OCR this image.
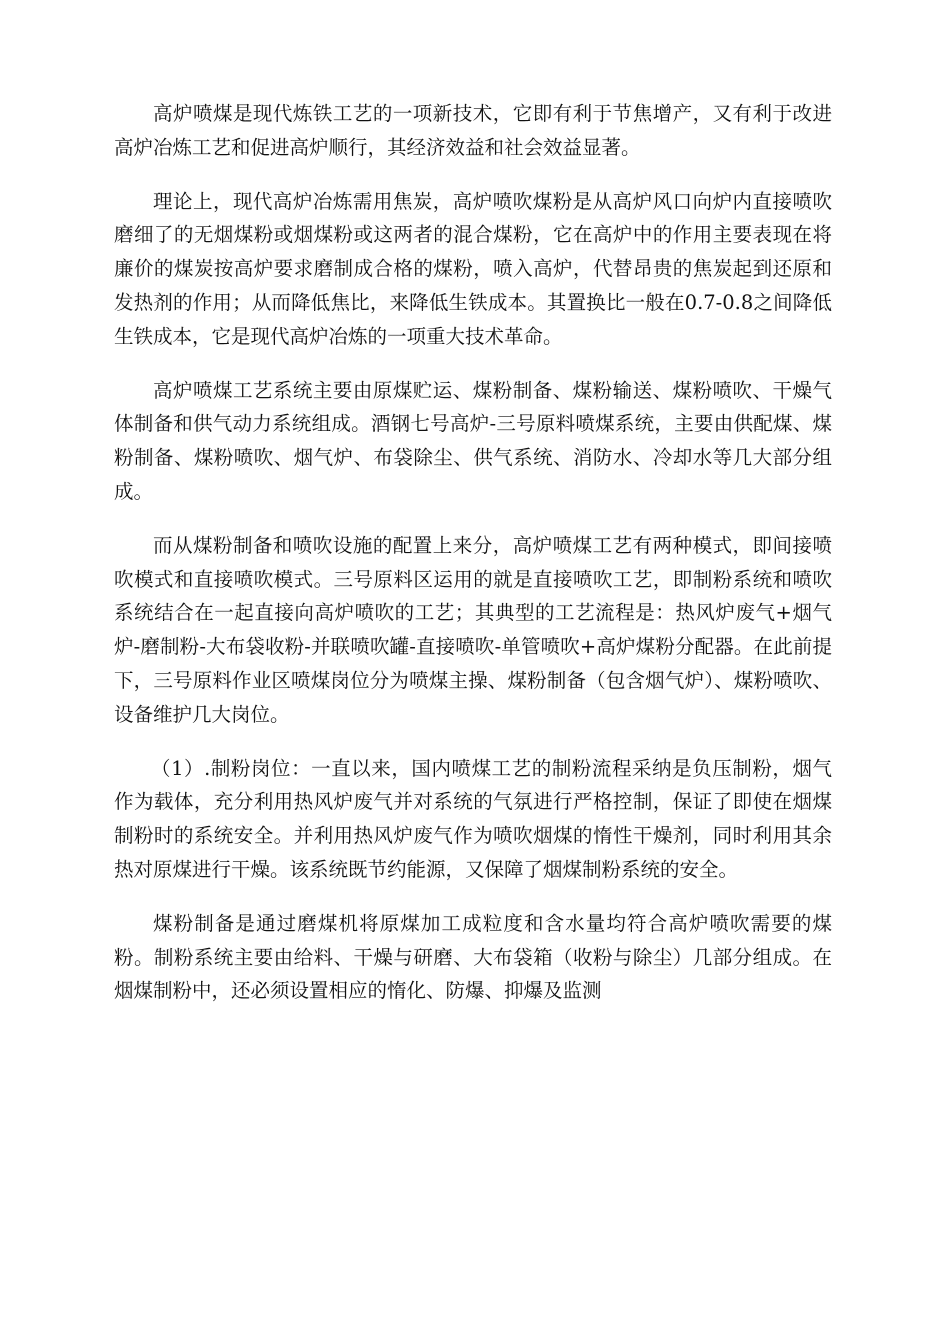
高炉喷煤是现代炼铁工艺的一项新技术，它即有利于节焦增产，又有利于改进高炉冶炼工艺和促进高炉顺行，其经济效益和社会效益显著。

理论上，现代高炉冶炼需用焦炭，高炉喷吹煤粉是从高炉风口向炉内直接喷吹磨细了的无烟煤粉或烟煤粉或这两者的混合煤粉，它在高炉中的作用主要表现在将廉价的煤炭按高炉要求磨制成合格的煤粉，喷入高炉，代替昂贵的焦炭起到还原和发热剂的作用；从而降低焦比，来降低生铁成本。其置换比一般在0.7-0.8之间降低生铁成本，它是现代高炉冶炼的一项重大技术革命。

高炉喷煤工艺系统主要由原煤贮运、煤粉制备、煤粉输送、煤粉喷吹、干燥气体制备和供气动力系统组成。酒钢七号高炉-三号原料喷煤系统，主要由供配煤、煤粉制备、煤粉喷吹、烟气炉、布袋除尘、供气系统、消防水、冷却水等几大部分组成。

而从煤粉制备和喷吹设施的配置上来分，高炉喷煤工艺有两种模式，即间接喷吹模式和直接喷吹模式。三号原料区运用的就是直接喷吹工艺，即制粉系统和喷吹系统结合在一起直接向高炉喷吹的工艺；其典型的工艺流程是：热风炉废气+烟气炉-磨制粉-大布袋收粉-并联喷吹罐-直接喷吹-单管喷吹+高炉煤粉分配器。在此前提下，三号原料作业区喷煤岗位分为喷煤主操、煤粉制备（包含烟气炉）、煤粉喷吹、设备维护几大岗位。

（1）.制粉岗位：一直以来，国内喷煤工艺的制粉流程采纳是负压制粉，烟气作为载体，充分利用热风炉废气并对系统的气氛进行严格控制，保证了即使在烟煤制粉时的系统安全。并利用热风炉废气作为喷吹烟煤的惰性干燥剂，同时利用其余热对原煤进行干燥。该系统既节约能源，又保障了烟煤制粉系统的安全。

煤粉制备是通过磨煤机将原煤加工成粒度和含水量均符合高炉喷吹需要的煤粉。制粉系统主要由给料、干燥与研磨、大布袋箱（收粉与除尘）几部分组成。在烟煤制粉中，还必须设置相应的惰化、防爆、抑爆及监测
